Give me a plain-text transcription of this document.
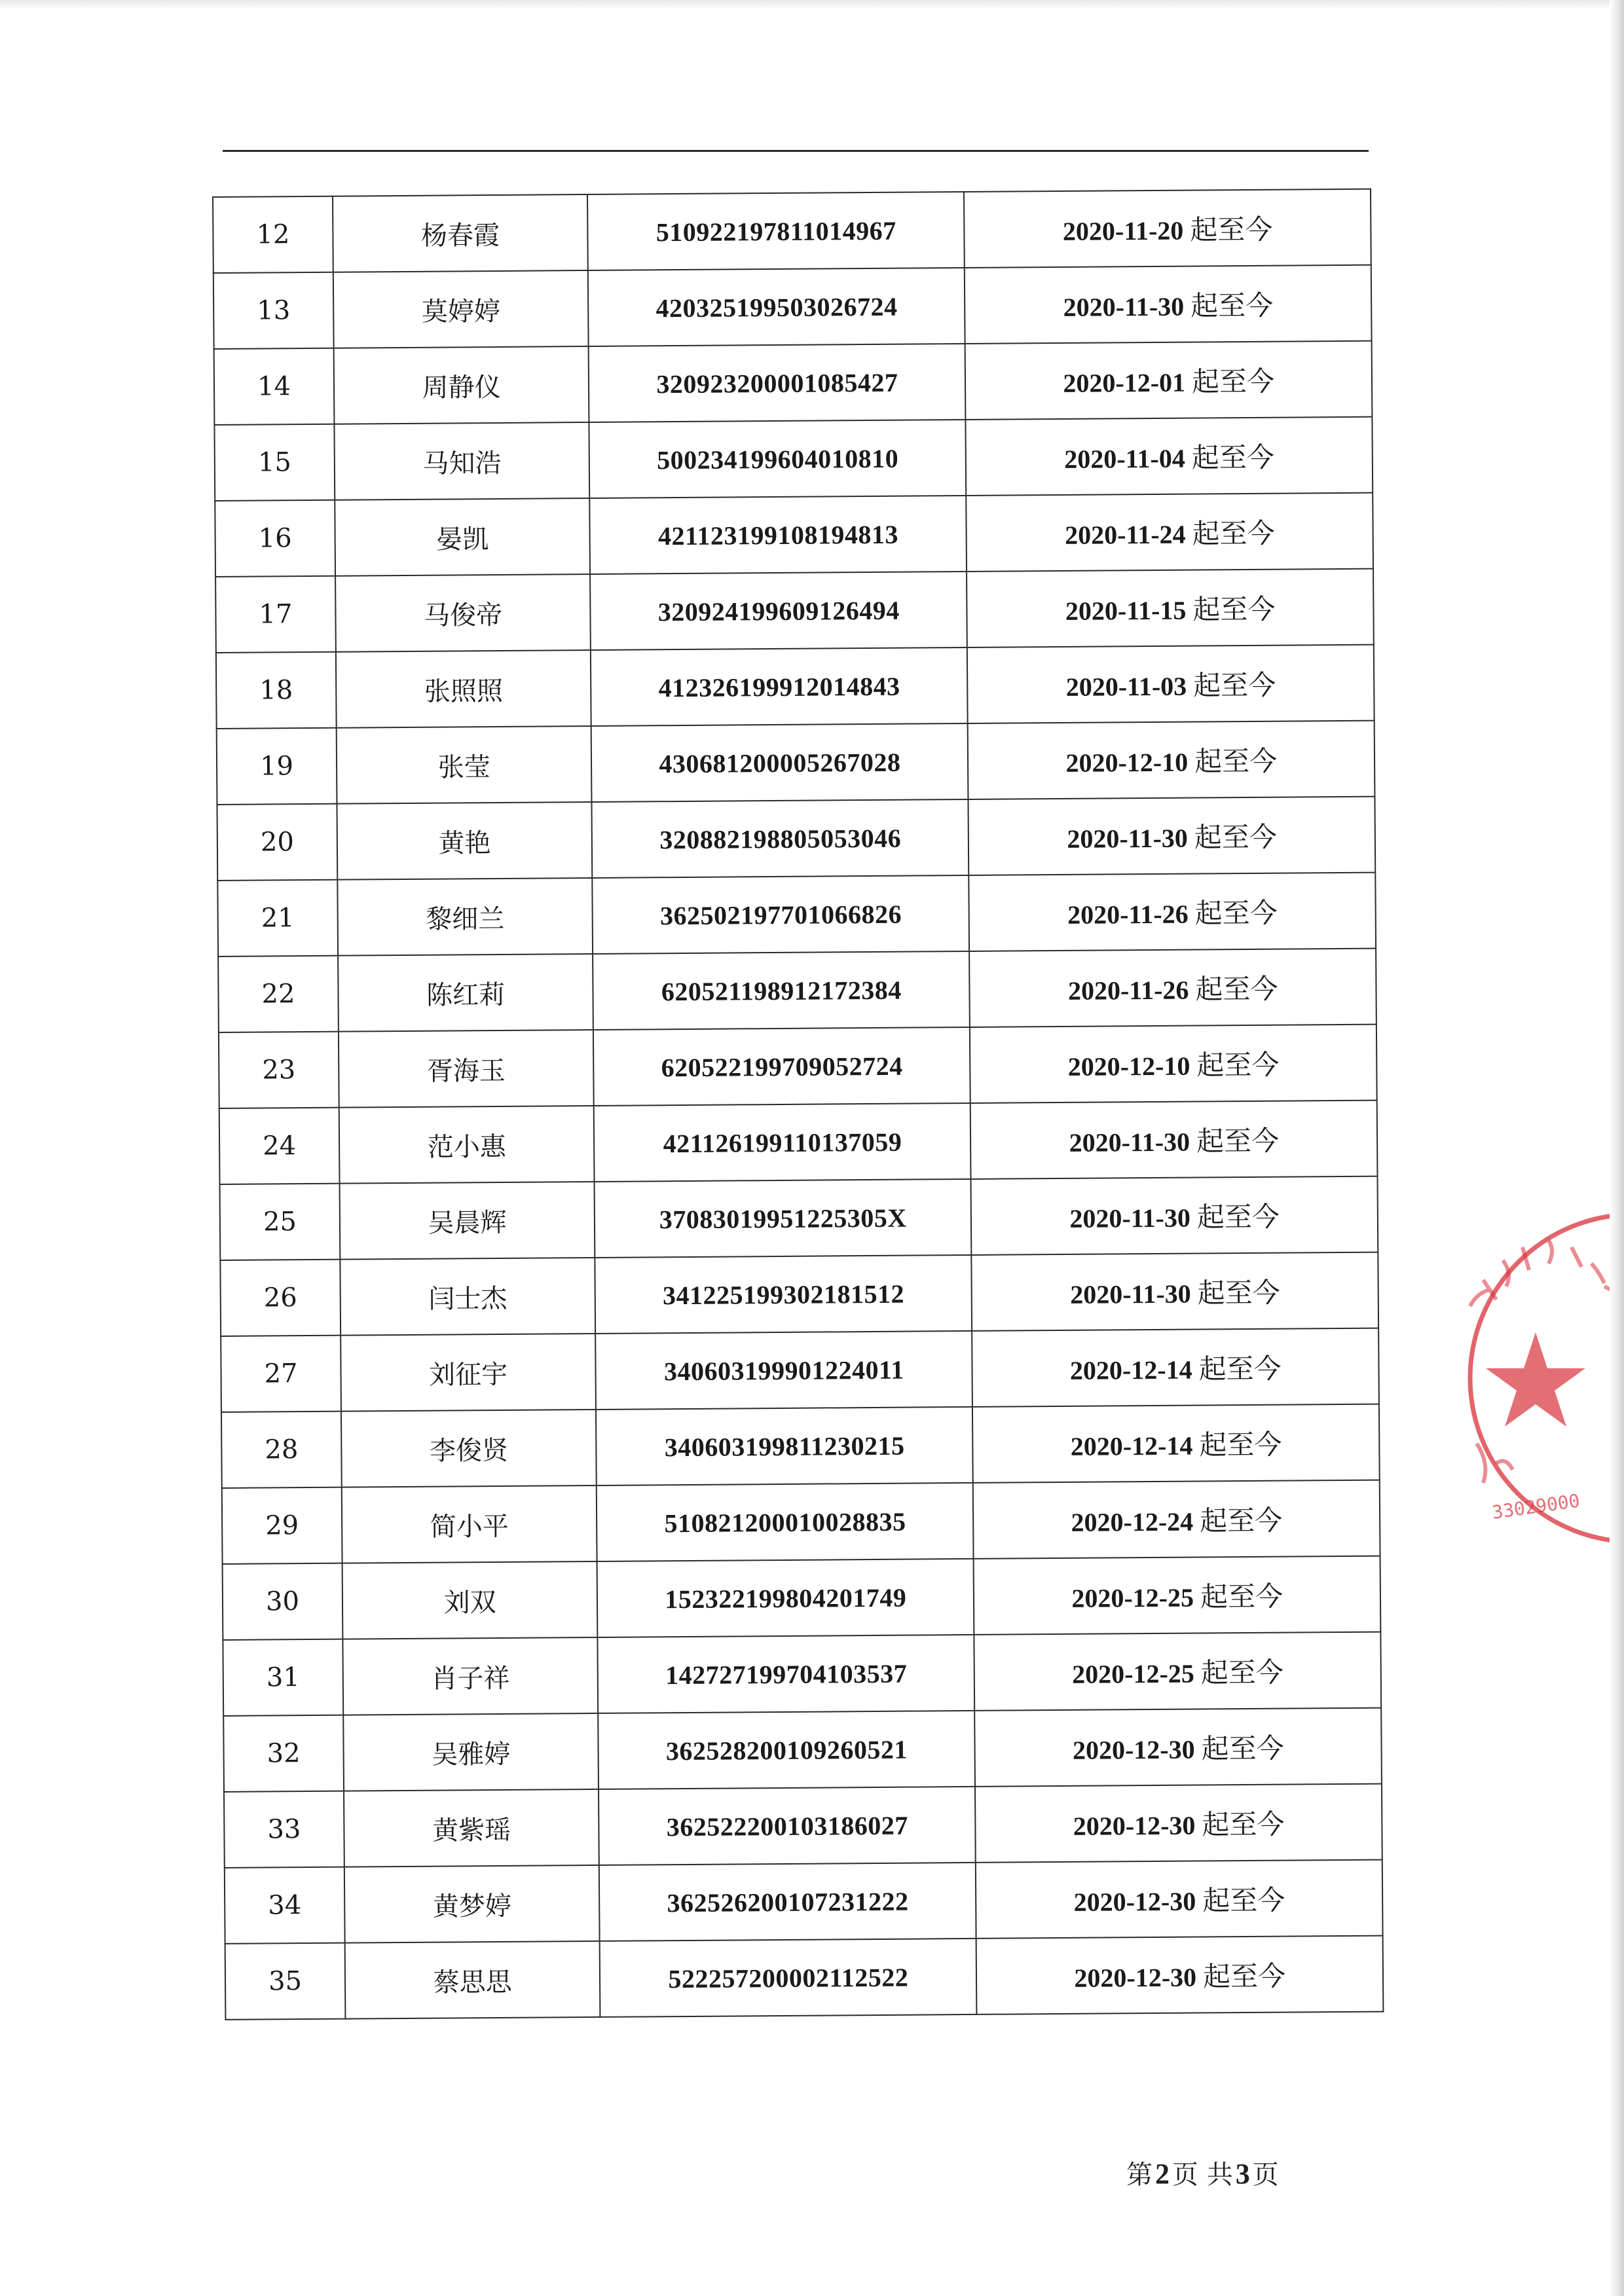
12	杨春霞	510922197811014967	2020-11-20 起至今
13	莫婷婷	420325199503026724	2020-11-30 起至今
14	周静仪	320923200001085427	2020-12-01 起至今
15	马知浩	500234199604010810	2020-11-04 起至今
16	晏凯	421123199108194813	2020-11-24 起至今
17	马俊帝	320924199609126494	2020-11-15 起至今
18	张照照	412326199912014843	2020-11-03 起至今
19	张莹	430681200005267028	2020-12-10 起至今
20	黄艳	320882198805053046	2020-11-30 起至今
21	黎细兰	362502197701066826	2020-11-26 起至今
22	陈红莉	620521198912172384	2020-11-26 起至今
23	胥海玉	620522199709052724	2020-12-10 起至今
24	范小惠	421126199110137059	2020-11-30 起至今
25	吴晨辉	37083019951225305X	2020-11-30 起至今
26	闫士杰	341225199302181512	2020-11-30 起至今
27	刘征宇	340603199901224011	2020-12-14 起至今
28	李俊贤	340603199811230215	2020-12-14 起至今
29	简小平	510821200010028835	2020-12-24 起至今
30	刘双	152322199804201749	2020-12-25 起至今
31	肖子祥	142727199704103537	2020-12-25 起至今
32	吴雅婷	362528200109260521	2020-12-30 起至今
33	黄紫瑶	362522200103186027	2020-12-30 起至今
34	黄梦婷	362526200107231222	2020-12-30 起至今
35	蔡思思	522257200002112522	2020-12-30 起至今
33029000
第2 页 共3 页
